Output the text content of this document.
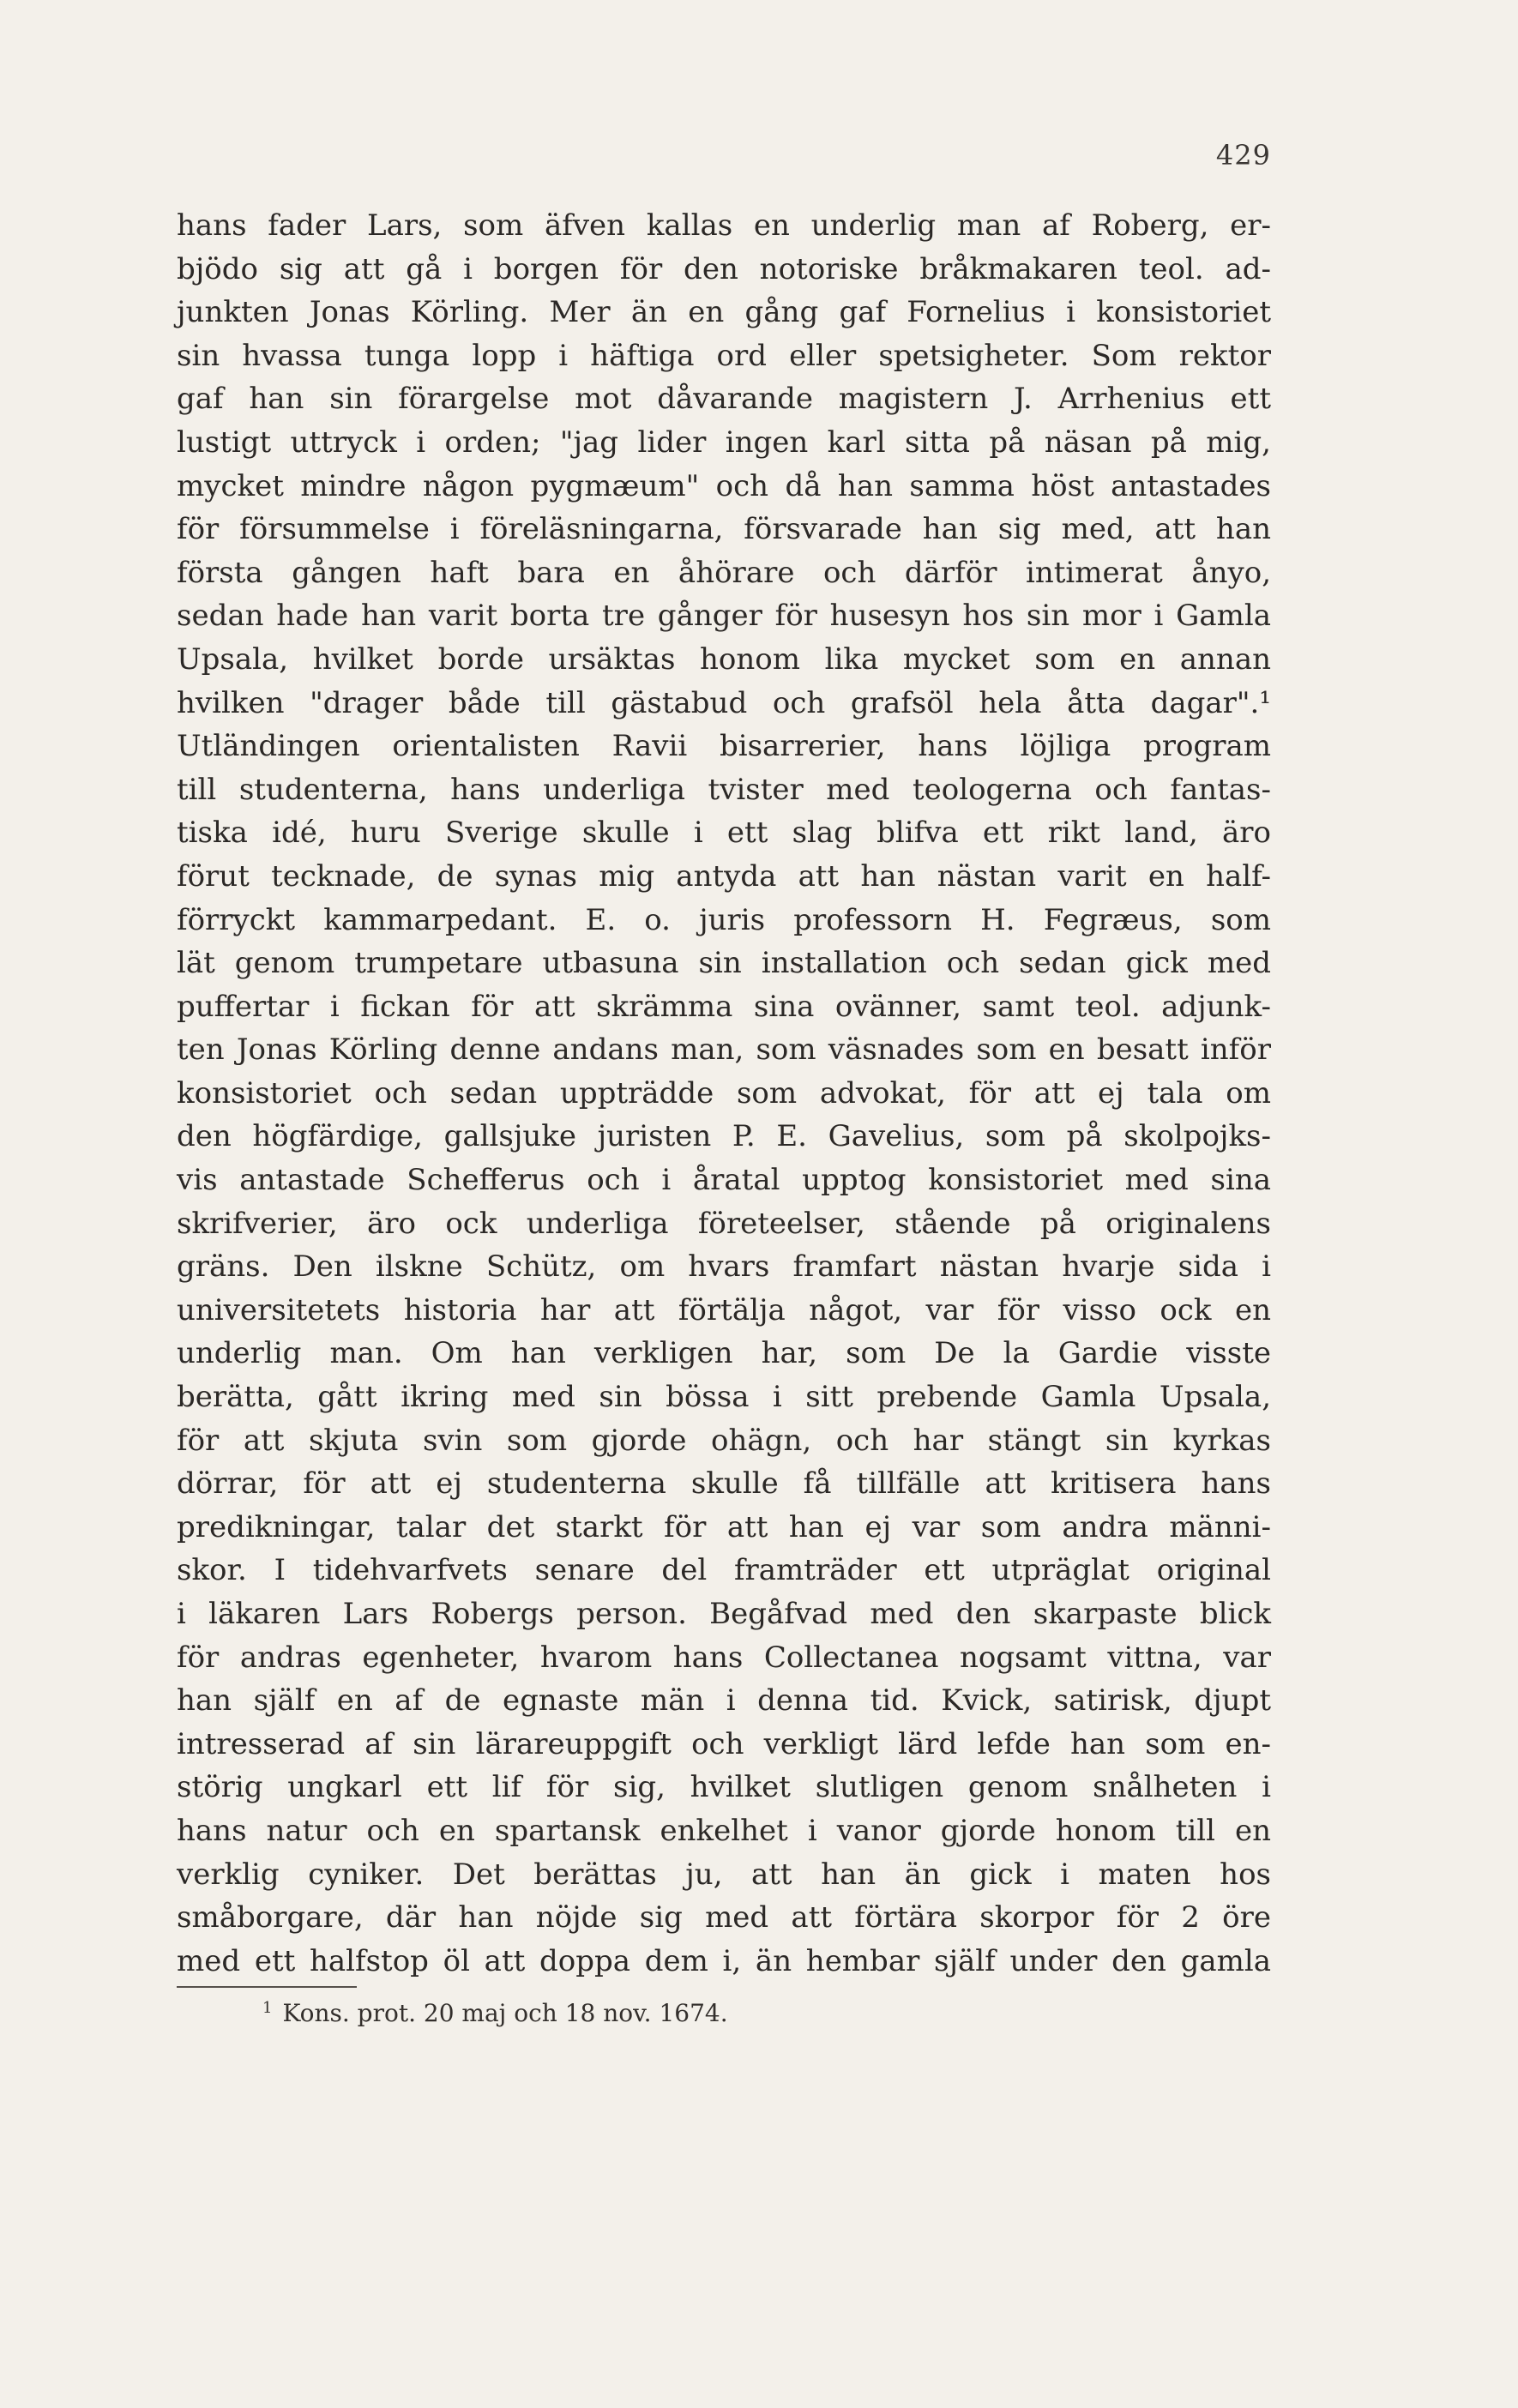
429
hans fader Lars, som äfven kallas en underlig man af Roberg, er-
bjödo sig att gå i borgen för den notoriske bråkmakaren teol. ad-
junkten Jonas Körling. Mer än en gång gaf Fornelius i konsistoriet
sin hvassa tunga lopp i häftiga ord eller spetsigheter. Som rektor
gaf han sin förargelse mot dåvarande magistern J. Arrhenius ett
lustigt uttryck i orden; "jag lider ingen karl sitta på näsan på mig,
mycket mindre någon pygmæum" och då han samma höst antastades
för försummelse i föreläsningarna, försvarade han sig med, att han
första gången haft bara en åhörare och därför intimerat ånyo,
sedan hade han varit borta tre gånger för husesyn hos sin mor i Gamla
Upsala, hvilket borde ursäktas honom lika mycket som en annan
hvilken "drager både till gästabud och grafsöl hela åtta dagar".¹
Utländingen orientalisten Ravii bisarrerier, hans löjliga program
till studenterna, hans underliga tvister med teologerna och fantas-
tiska idé, huru Sverige skulle i ett slag blifva ett rikt land, äro
förut tecknade, de synas mig antyda att han nästan varit en half-
förryckt kammarpedant. E. o. juris professorn H. Fegræus, som
lät genom trumpetare utbasuna sin installation och sedan gick med
puffertar i fickan för att skrämma sina ovänner, samt teol. adjunk-
ten Jonas Körling denne andans man, som väsnades som en besatt inför
konsistoriet och sedan uppträdde som advokat, för att ej tala om
den högfärdige, gallsjuke juristen P. E. Gavelius, som på skolpojks-
vis antastade Schefferus och i åratal upptog konsistoriet med sina
skrifverier, äro ock underliga företeelser, stående på originalens
gräns. Den ilskne Schütz, om hvars framfart nästan hvarje sida i
universitetets historia har att förtälja något, var för visso ock en
underlig man. Om han verkligen har, som De la Gardie visste
berätta, gått ikring med sin bössa i sitt prebende Gamla Upsala,
för att skjuta svin som gjorde ohägn, och har stängt sin kyrkas
dörrar, för att ej studenterna skulle få tillfälle att kritisera hans
predikningar, talar det starkt för att han ej var som andra männi-
skor. I tidehvarfvets senare del framträder ett utpräglat original
i läkaren Lars Robergs person. Begåfvad med den skarpaste blick
för andras egenheter, hvarom hans Collectanea nogsamt vittna, var
han själf en af de egnaste män i denna tid. Kvick, satirisk, djupt
intresserad af sin lärareuppgift och verkligt lärd lefde han som en-
störig ungkarl ett lif för sig, hvilket slutligen genom snålheten i
hans natur och en spartansk enkelhet i vanor gjorde honom till en
verklig cyniker. Det berättas ju, att han än gick i maten hos
småborgare, där han nöjde sig med att förtära skorpor för 2 öre
med ett halfstop öl att doppa dem i, än hembar själf under den gamla
$^1$ Kons. prot. 20 maj och 18 nov. 1674.
